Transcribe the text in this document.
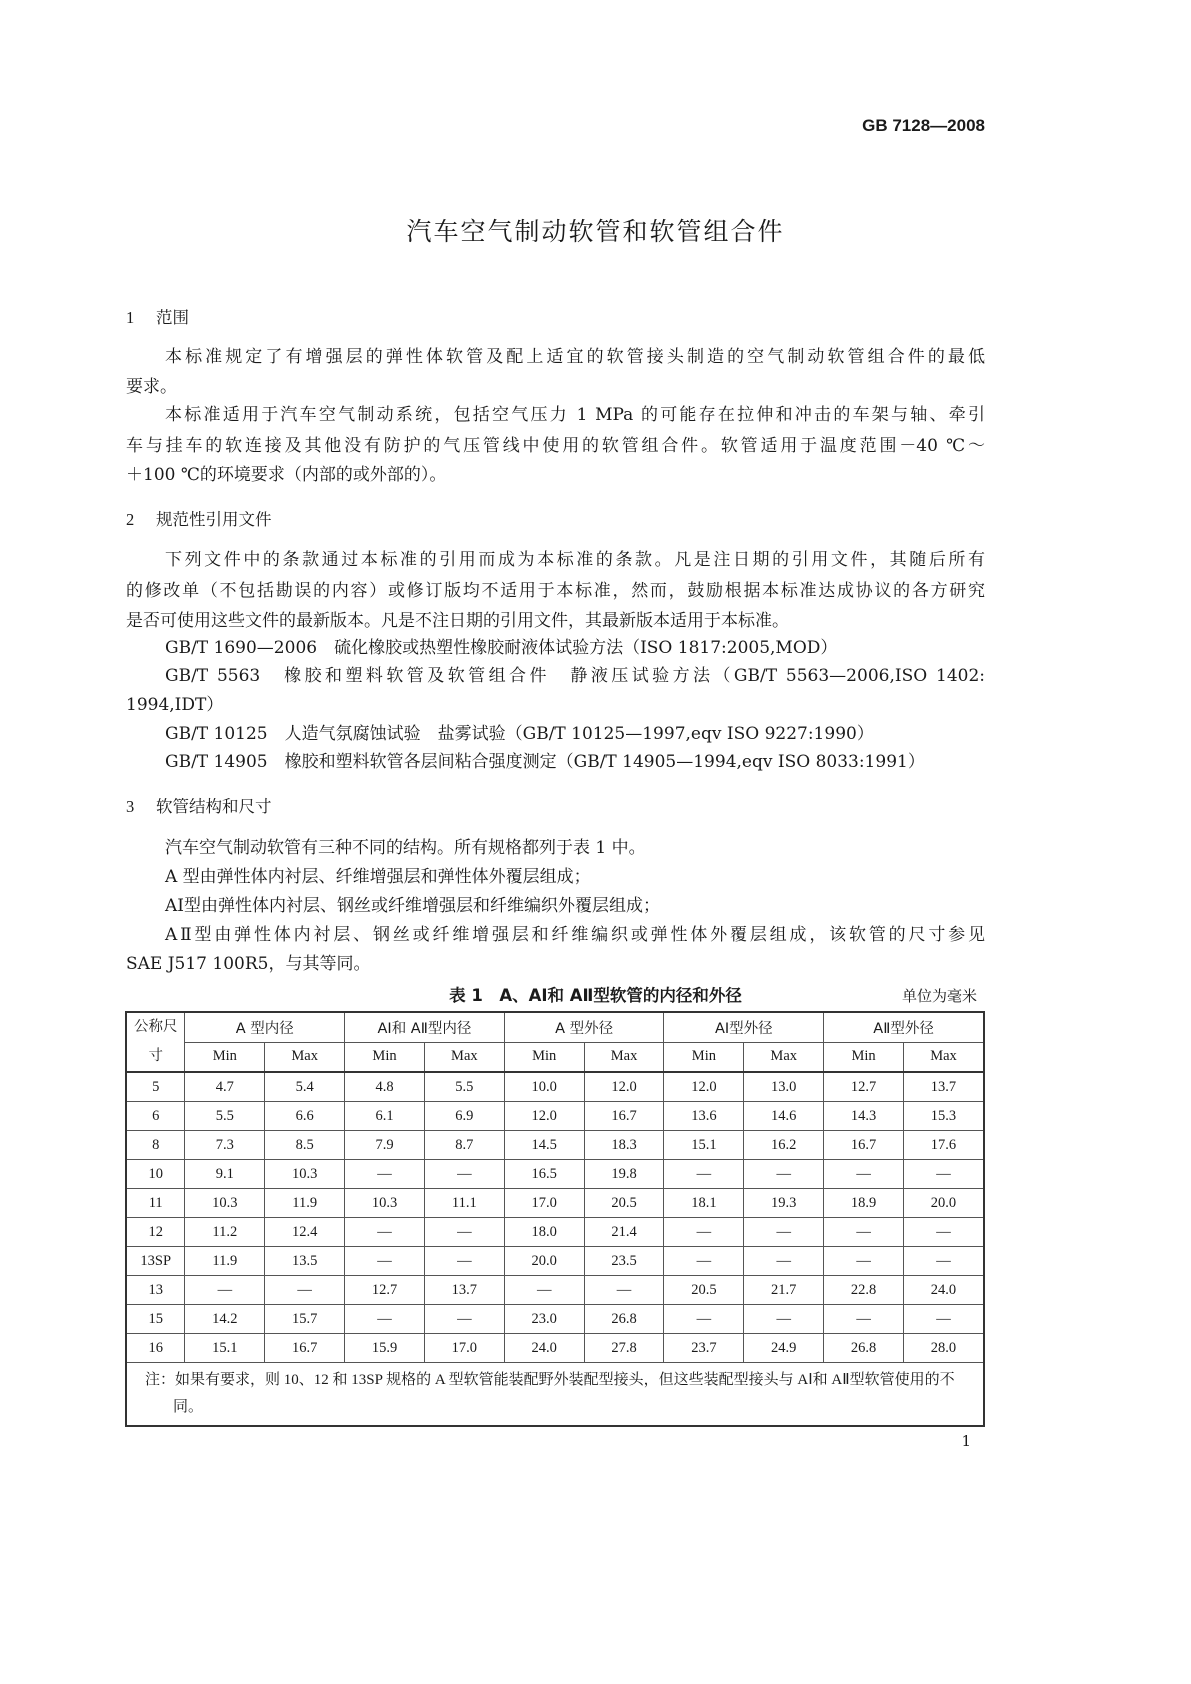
GB 7128—2008
汽车空气制动软管和软管组合件
1 范围
本标准规定了有增强层的弹性体软管及配上适宜的软管接头制造的空气制动软管组合件的最低
要求。
本标准适用于汽车空气制动系统，包括空气压力 1 MPa 的可能存在拉伸和冲击的车架与轴、牵引
车与挂车的软连接及其他没有防护的气压管线中使用的软管组合件。软管适用于温度范围－40 ℃～
＋100 ℃的环境要求（内部的或外部的）。
2 规范性引用文件
下列文件中的条款通过本标准的引用而成为本标准的条款。凡是注日期的引用文件，其随后所有
的修改单（不包括勘误的内容）或修订版均不适用于本标准，然而，鼓励根据本标准达成协议的各方研究
是否可使用这些文件的最新版本。凡是不注日期的引用文件，其最新版本适用于本标准。
GB/T 1690—2006　硫化橡胶或热塑性橡胶耐液体试验方法（ISO 1817:2005,MOD）
GB/T 5563　橡胶和塑料软管及软管组合件　静液压试验方法（GB/T 5563—2006,ISO 1402:
1994,IDT）
GB/T 10125　人造气氛腐蚀试验　盐雾试验（GB/T 10125—1997,eqv ISO 9227:1990）
GB/T 14905　橡胶和塑料软管各层间粘合强度测定（GB/T 14905—1994,eqv ISO 8033:1991）
3 软管结构和尺寸
汽车空气制动软管有三种不同的结构。所有规格都列于表 1 中。
A 型由弹性体内衬层、纤维增强层和弹性体外覆层组成；
AⅠ型由弹性体内衬层、钢丝或纤维增强层和纤维编织外覆层组成；
AⅡ型由弹性体内衬层、钢丝或纤维增强层和纤维编织或弹性体外覆层组成，该软管的尺寸参见
SAE J517 100R5，与其等同。
表 1　A、AⅠ和 AⅡ型软管的内径和外径	单位为毫米
公称尺寸	A 型内径		AⅠ和 AⅡ型内径		A 型外径		AⅠ型外径		AⅡ型外径	
	Min	Max	Min	Max	Min	Max	Min	Max	Min	Max
5	4.7	5.4	4.8	5.5	10.0	12.0	12.0	13.0	12.7	13.7
6	5.5	6.6	6.1	6.9	12.0	16.7	13.6	14.6	14.3	15.3
8	7.3	8.5	7.9	8.7	14.5	18.3	15.1	16.2	16.7	17.6
10	9.1	10.3	—	—	16.5	19.8	—	—	—	—
11	10.3	11.9	10.3	11.1	17.0	20.5	18.1	19.3	18.9	20.0
12	11.2	12.4	—	—	18.0	21.4	—	—	—	—
13SP	11.9	13.5	—	—	20.0	23.5	—	—	—	—
13	—	—	12.7	13.7	—	—	20.5	21.7	22.8	24.0
15	14.2	15.7	—	—	23.0	26.8	—	—	—	—
16	15.1	16.7	15.9	17.0	24.0	27.8	23.7	24.9	26.8	28.0
注：如果有要求，则 10、12 和 13SP 规格的 A 型软管能装配野外装配型接头，但这些装配型接头与 AⅠ和 AⅡ型软管使用的不同。										
1
